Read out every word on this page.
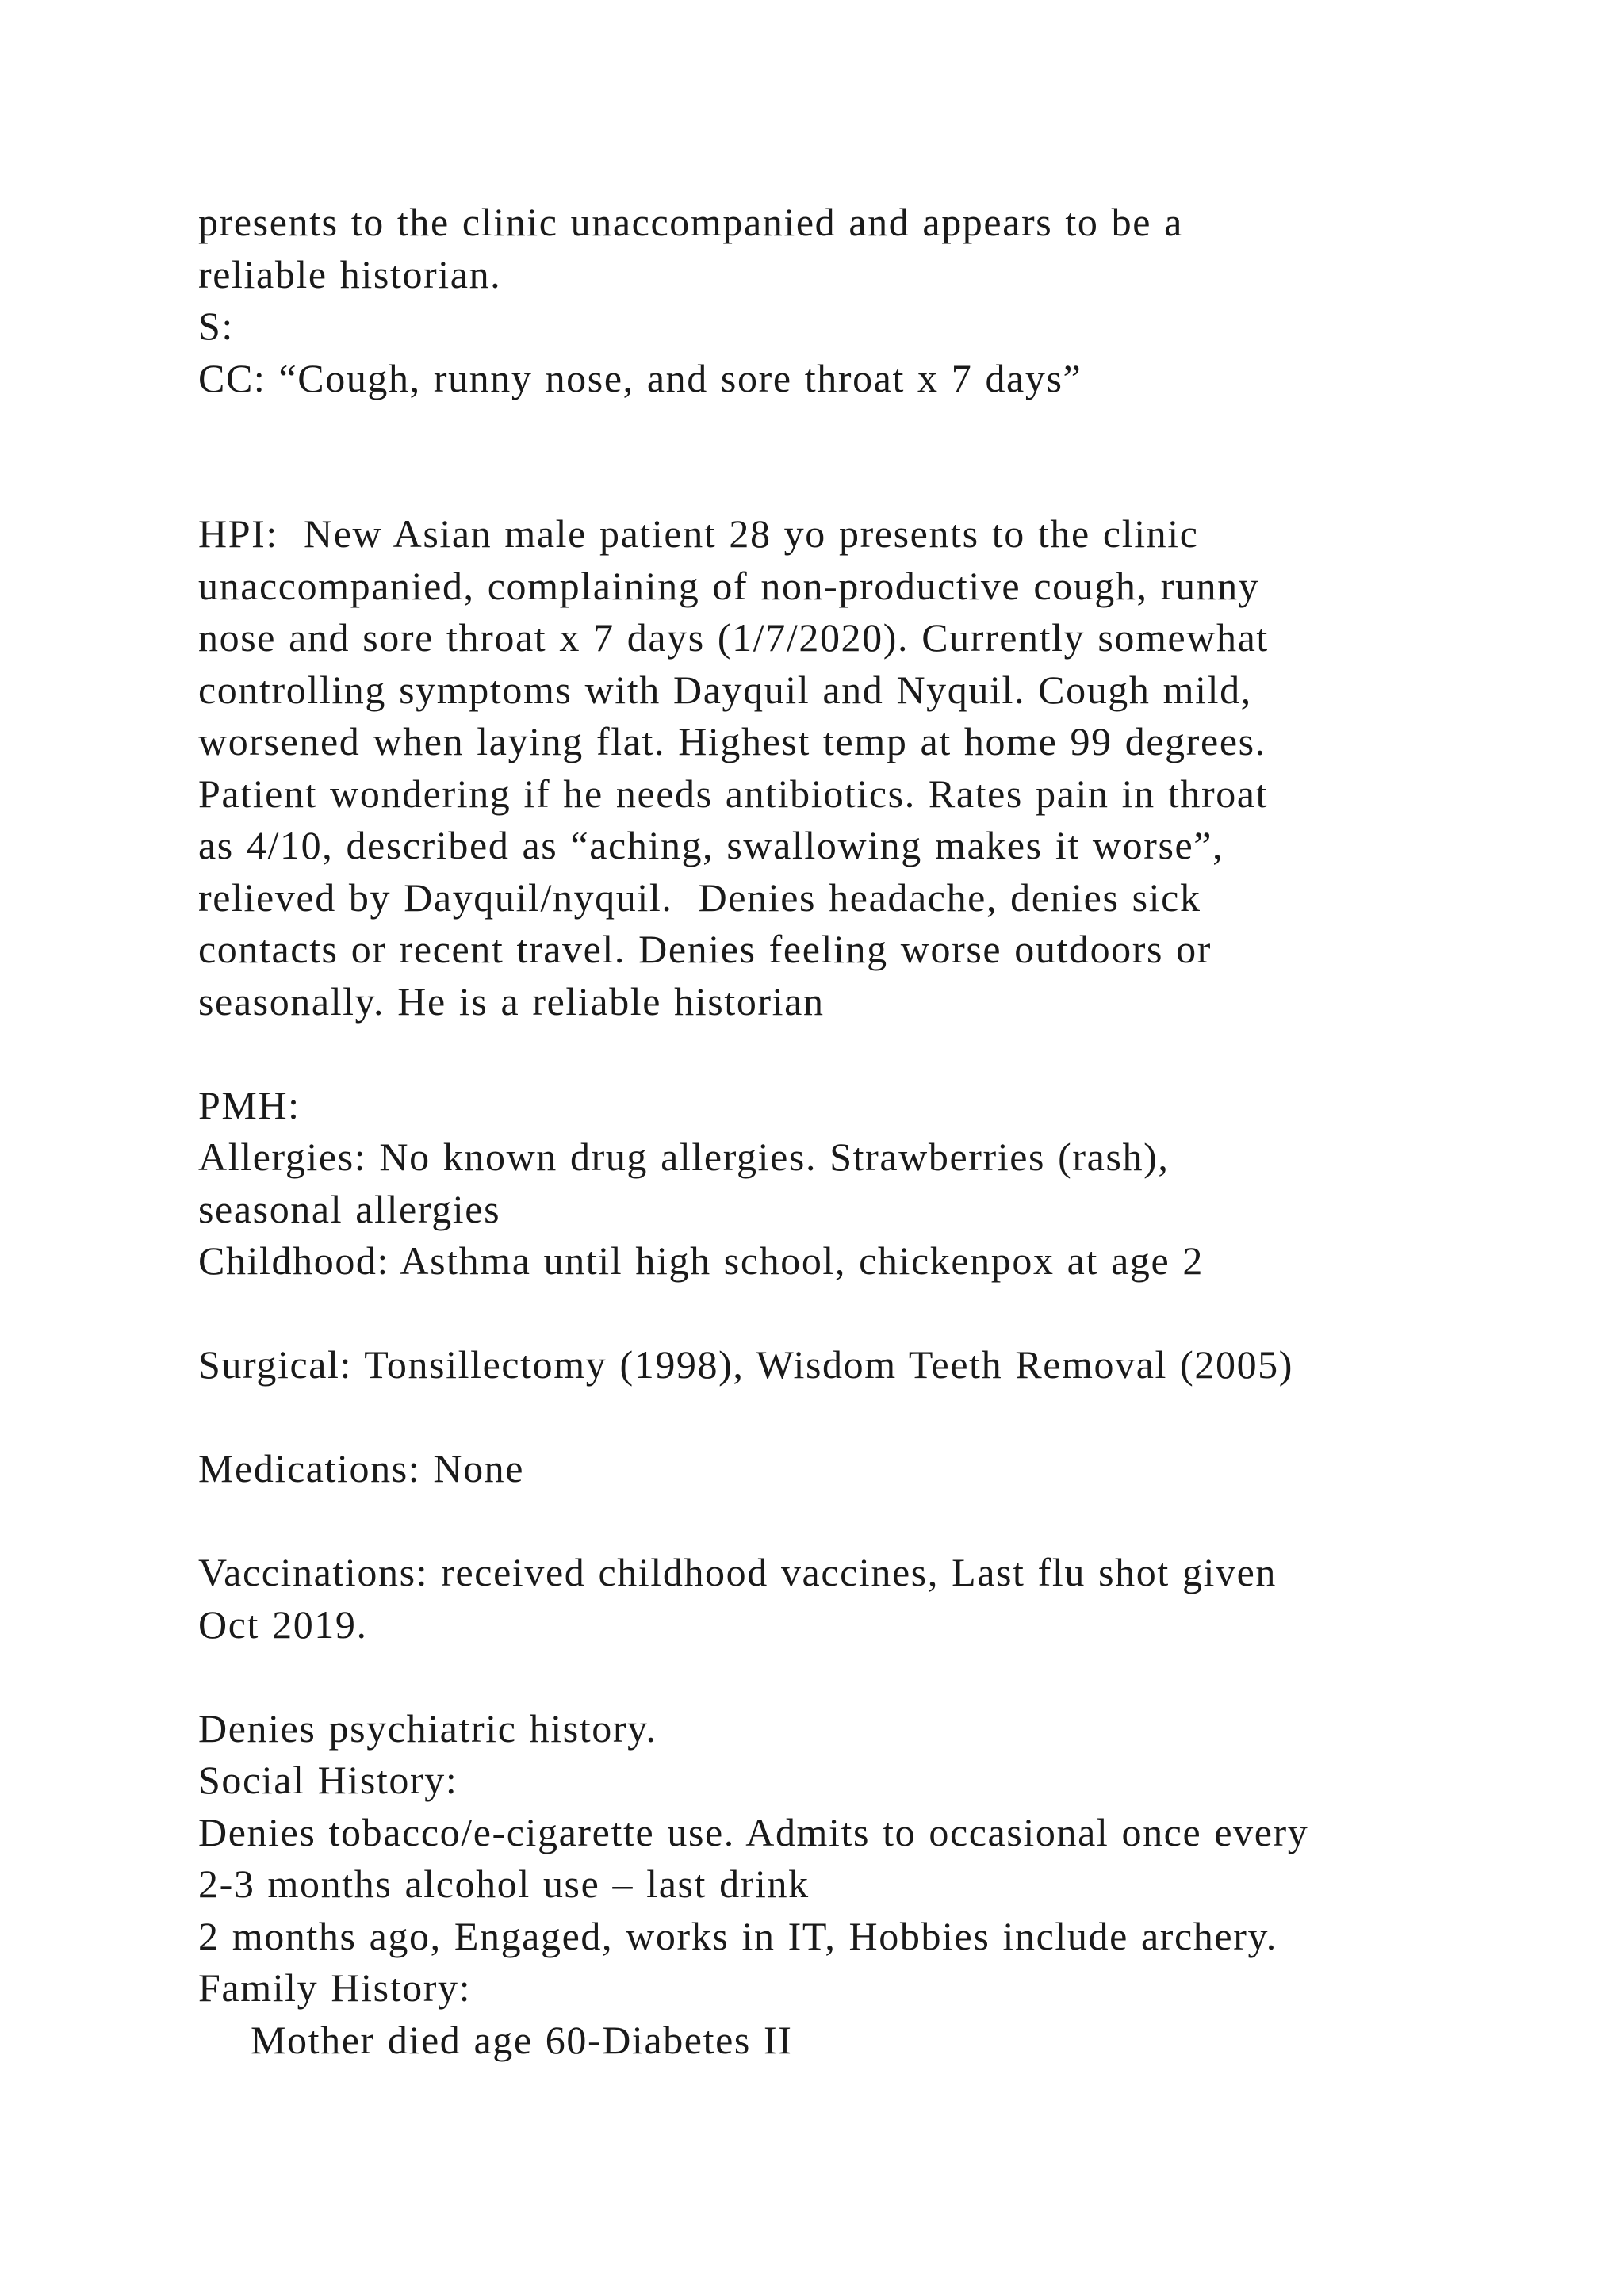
presents to the clinic unaccompanied and appears to be a
reliable historian.
S:
CC: “Cough, runny nose, and sore throat x 7 days”
HPI:  New Asian male patient 28 yo presents to the clinic
unaccompanied, complaining of non-productive cough, runny
nose and sore throat x 7 days (1/7/2020). Currently somewhat
controlling symptoms with Dayquil and Nyquil. Cough mild,
worsened when laying flat. Highest temp at home 99 degrees.
Patient wondering if he needs antibiotics. Rates pain in throat
as 4/10, described as “aching, swallowing makes it worse”,
relieved by Dayquil/nyquil.  Denies headache, denies sick
contacts or recent travel. Denies feeling worse outdoors or
seasonally. He is a reliable historian
PMH:
Allergies: No known drug allergies. Strawberries (rash),
seasonal allergies
Childhood: Asthma until high school, chickenpox at age 2
Surgical: Tonsillectomy (1998), Wisdom Teeth Removal (2005)
Medications: None
Vaccinations: received childhood vaccines, Last flu shot given
Oct 2019.
Denies psychiatric history.
Social History:
Denies tobacco/e-cigarette use. Admits to occasional once every
2-3 months alcohol use – last drink
2 months ago, Engaged, works in IT, Hobbies include archery.
Family History:
Mother died age 60-Diabetes II
